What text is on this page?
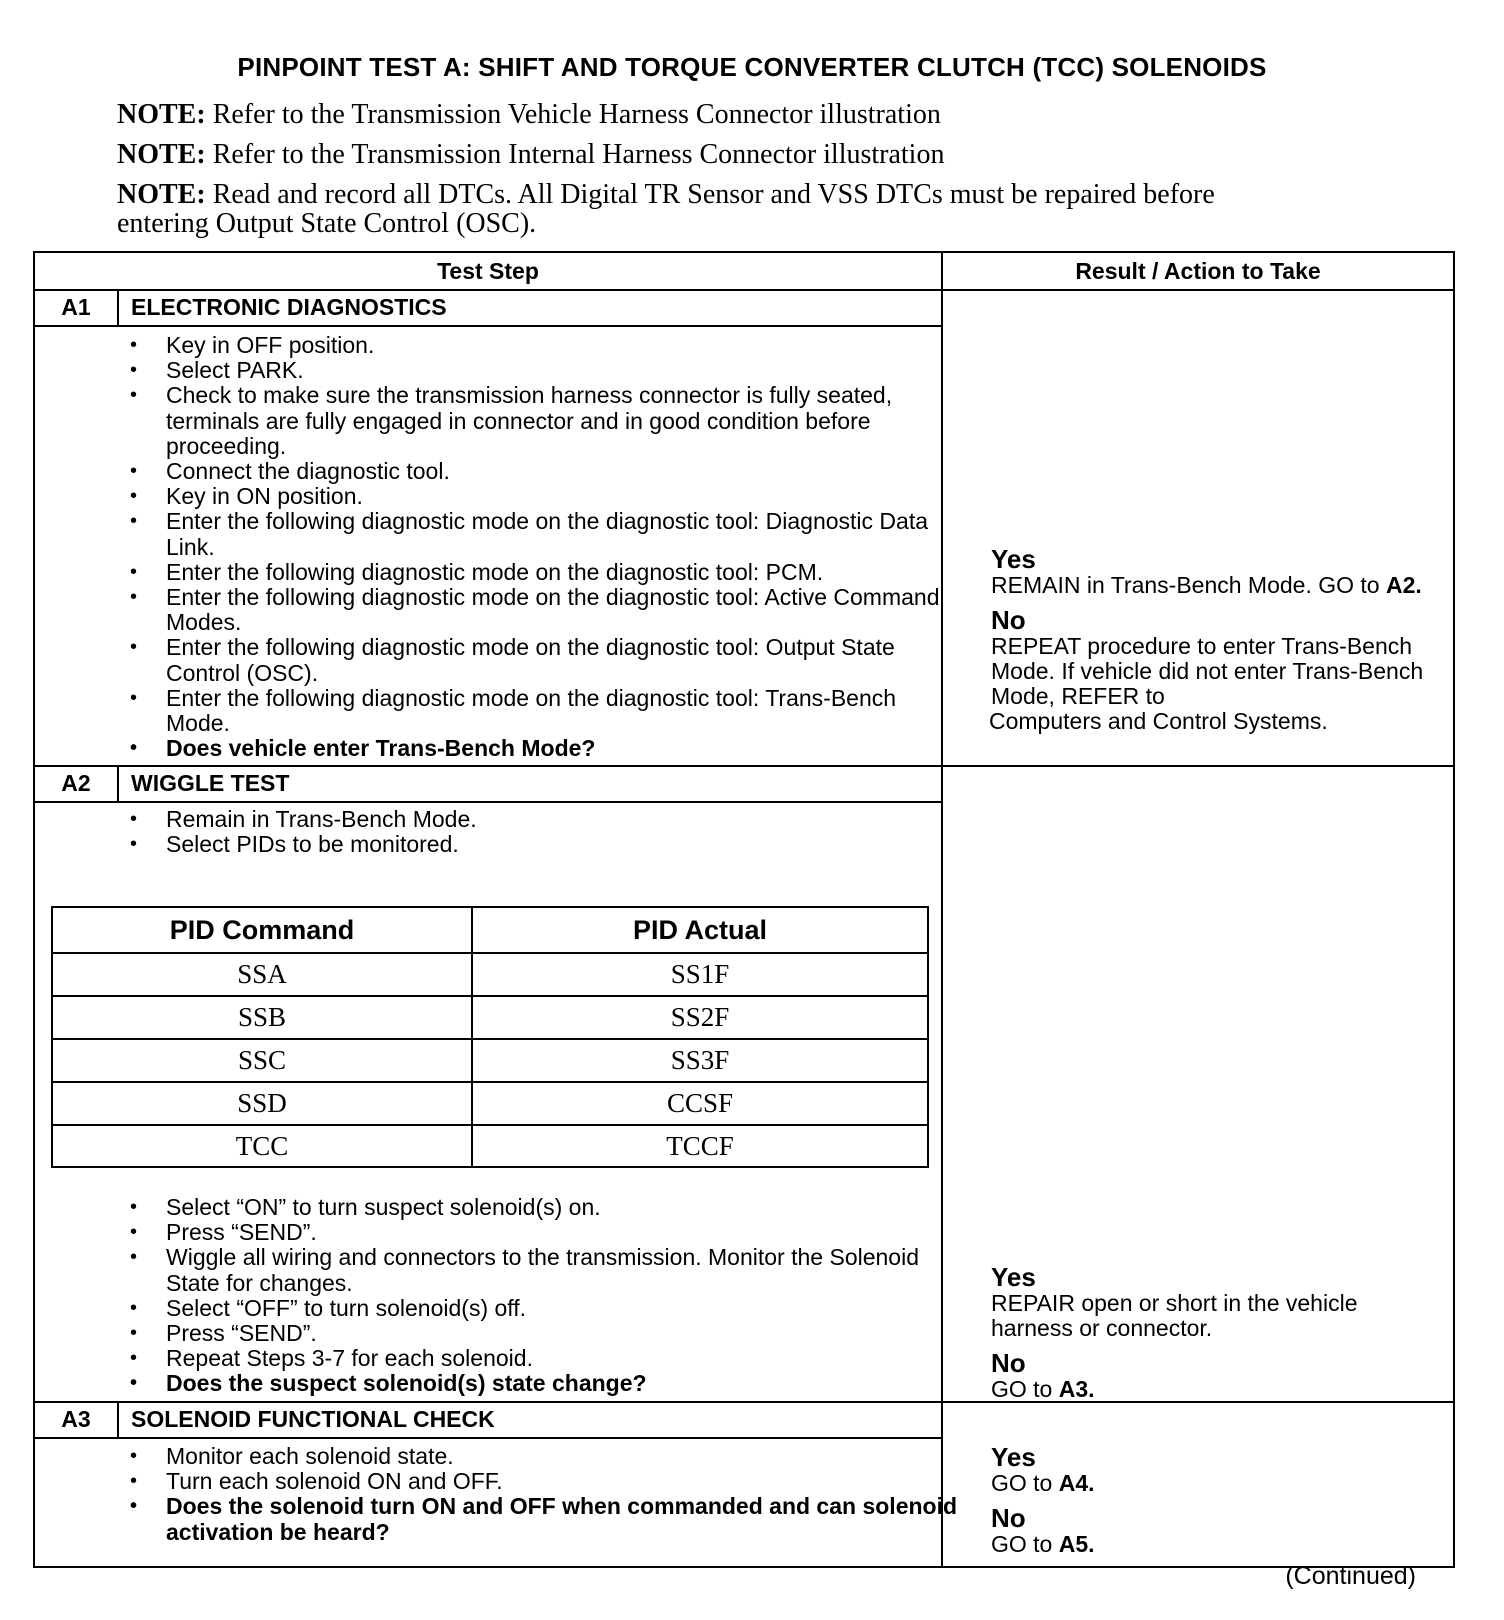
PINPOINT TEST A: SHIFT AND TORQUE CONVERTER CLUTCH (TCC) SOLENOIDS
NOTE: Refer to the Transmission Vehicle Harness Connector illustration
NOTE: Refer to the Transmission Internal Harness Connector illustration
NOTE: Read and record all DTCs. All Digital TR Sensor and VSS DTCs must be repaired before entering Output State Control (OSC).
Test Step	Result / Action to Take
A1	ELECTRONIC DIAGNOSTICS
• Key in OFF position.
• Select PARK.
• Check to make sure the transmission harness connector is fully seated, terminals are fully engaged in connector and in good condition before proceeding.
• Connect the diagnostic tool.
• Key in ON position.
• Enter the following diagnostic mode on the diagnostic tool: Diagnostic Data Link.
• Enter the following diagnostic mode on the diagnostic tool: PCM.
• Enter the following diagnostic mode on the diagnostic tool: Active Command Modes.
• Enter the following diagnostic mode on the diagnostic tool: Output State Control (OSC).
• Enter the following diagnostic mode on the diagnostic tool: Trans-Bench Mode.
• Does vehicle enter Trans-Bench Mode?
Yes
REMAIN in Trans-Bench Mode. GO to A2.
No
REPEAT procedure to enter Trans-Bench Mode. If vehicle did not enter Trans-Bench Mode, REFER to
Computers and Control Systems.
A2	WIGGLE TEST
• Remain in Trans-Bench Mode.
• Select PIDs to be monitored.
PID Command	PID Actual
SSA	SS1F
SSB	SS2F
SSC	SS3F
SSD	CCSF
TCC	TCCF
• Select “ON” to turn suspect solenoid(s) on.
• Press “SEND”.
• Wiggle all wiring and connectors to the transmission. Monitor the Solenoid State for changes.
• Select “OFF” to turn solenoid(s) off.
• Press “SEND”.
• Repeat Steps 3-7 for each solenoid.
• Does the suspect solenoid(s) state change?
Yes
REPAIR open or short in the vehicle harness or connector.
No
GO to A3.
A3	SOLENOID FUNCTIONAL CHECK
• Monitor each solenoid state.
• Turn each solenoid ON and OFF.
• Does the solenoid turn ON and OFF when commanded and can solenoid activation be heard?
Yes
GO to A4.
No
GO to A5.
(Continued)
